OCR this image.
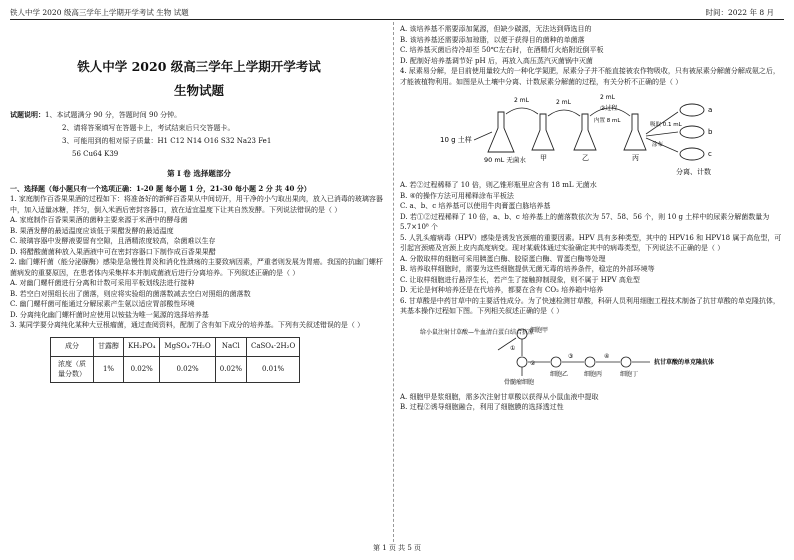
铁人中学 2020 级高三学年上学期开学考试 生物 试题	时间：2022 年 8 月
铁人中学 2020 级高三学年上学期开学考试
生物试题

试题说明：1、本试题满分 90 分，答题时间 90 分钟。

2、请将答案填写在答题卡上，考试结束后只交答题卡。

3、可能用到的相对原子质量：H1 C12 N14 O16 S32 Na23 Fe1

56 Cu64 K39

第 I 卷 选择题部分

一、选择题（每小题只有一个选项正确：1-20 题 每小题 1 分，21-30 每小题 2 分 共 40 分）

1. 家庭制作百香果果酒的过程如下：将准备好的新鲜百香果从中间切开，用干净的小勺取出果肉，放入已消毒的玻璃容器中，加入适量冰糖，拌匀，倒入米酒后密封容器口，放在适宜温度下让其自然发酵。下列说法错误的是（ ）

A. 家庭制作百香果果酒的菌种主要来源于米酒中的酵母菌

B. 果酒发酵的最适温度应该低于果醋发酵的最适温度

C. 玻璃容器中发酵液要留有空隙，且酒精浓度较高，杂菌难以生存

D. 将醋酸菌菌种放入果酒液中可在密封容器口下制作成百香果果醋

2. 幽门螺杆菌（能分泌脲酶）感染是急慢性胃炎和消化性溃疡的主要致病因素，严重者则发展为胃癌。我国的抗幽门螺杆菌病发的重要原因，在患者体内采集样本并制成菌液后进行分离培养。下列叙述正确的是（ ）

A. 对幽门螺杆菌进行分离和计数可采用平板划线法进行接种

B. 若空白对照组长出了菌落，则应将实验组的菌落数减去空白对照组的菌落数

C. 幽门螺杆菌可能通过分解尿素产生氨以适应胃部酸性环境

D. 分离纯化幽门螺杆菌时应使用以铵盐为唯一氮源的选择培养基

3. 某同学要分离纯化某种大豆根瘤菌，通过查阅资料，配制了含有如下成分的培养基。下列有关叙述错误的是（ ）

成分	甘露醇	KH₂PO₄	MgSO₄·7H₂O	NaCl	CaSO₄·2H₂O
浓度（质量分数）	1%	0.02%	0.02%	0.02%	0.01%

A. 该培养基不需要添加氮源，但缺少碳源，无法达到筛选目的

B. 该培养基还需要添加琼脂，以便于获得目的菌种的单菌落

C. 培养基灭菌后待冷却至 50℃左右时，在酒精灯火焰附近倒平板

D. 配制好培养基调节好 pH 后，再放入高压蒸汽灭菌锅中灭菌

4. 尿素易分解，是目前使用量较大的一种化学氮肥，尿素分子并不能直接被农作物吸收，只有被尿素分解菌分解成氨之后，才能被植物利用。如图是从土壤中分离、计数尿素分解菌的过程，有关分析不正确的是（ ）

10 g 土样
90 mL 无菌水
2 mL
甲
2 mL
乙
2 mL
②过程
内置 8 mL
丙
吸取 0.1 mL
涂布
a
b
c
分离、计数

A. 若②过程稀释了 10 倍，则乙锥形瓶里应含有 18 mL 无菌水

B. ④的操作方法可用稀释涂布平板法

C. a、b、c 培养基可以使用牛肉膏蛋白胨培养基

D. 若①②过程稀释了 10 倍，a、b、c 培养基上的菌落数依次为 57、58、56 个，则 10 g 土样中的尿素分解菌数量为 5.7×10⁸ 个

5. 人乳头瘤病毒（HPV）感染是诱发宫颈癌的重要因素。HPV 具有多种类型，其中的 HPV16 和 HPV18 属于高危型，可引起宫颈癌及宫颈上皮内高度病变。现对某载体通过实验确定其中的病毒类型，下列说法不正确的是（ ）

A. 分散取样的细胞可采用胰蛋白酶、胶原蛋白酶、胃蛋白酶等处理

B. 培养取样细胞时，需要为这些细胞提供无菌无毒的培养条件，稳定的外部环境等

C. 让取样细胞进行悬浮生长，若产生了接触抑制现象，则不属于 HPV 高危型

D. 无论是何种培养还是在代培养，都要在含有 CO₂ 培养箱中培养

6. 甘草酸是中药甘草中的主要活性成分。为了快速检测甘草酸，科研人员利用细胞工程技术制备了抗甘草酸的单克隆抗体，其基本操作过程如下图。下列相关叙述正确的是（ ）

给小鼠注射甘草酸—牛血清白蛋白结合抗原
细胞甲
①
骨髓瘤细胞
②
细胞乙
③
细胞丙
④
细胞丁
抗甘草酸的单克隆抗体

A. 细胞甲是浆细胞，需多次注射甘草酸以获得从小鼠血液中提取

B. 过程②诱导细胞融合，利用了细胞膜的选择透过性

第 1 页 共 5 页
